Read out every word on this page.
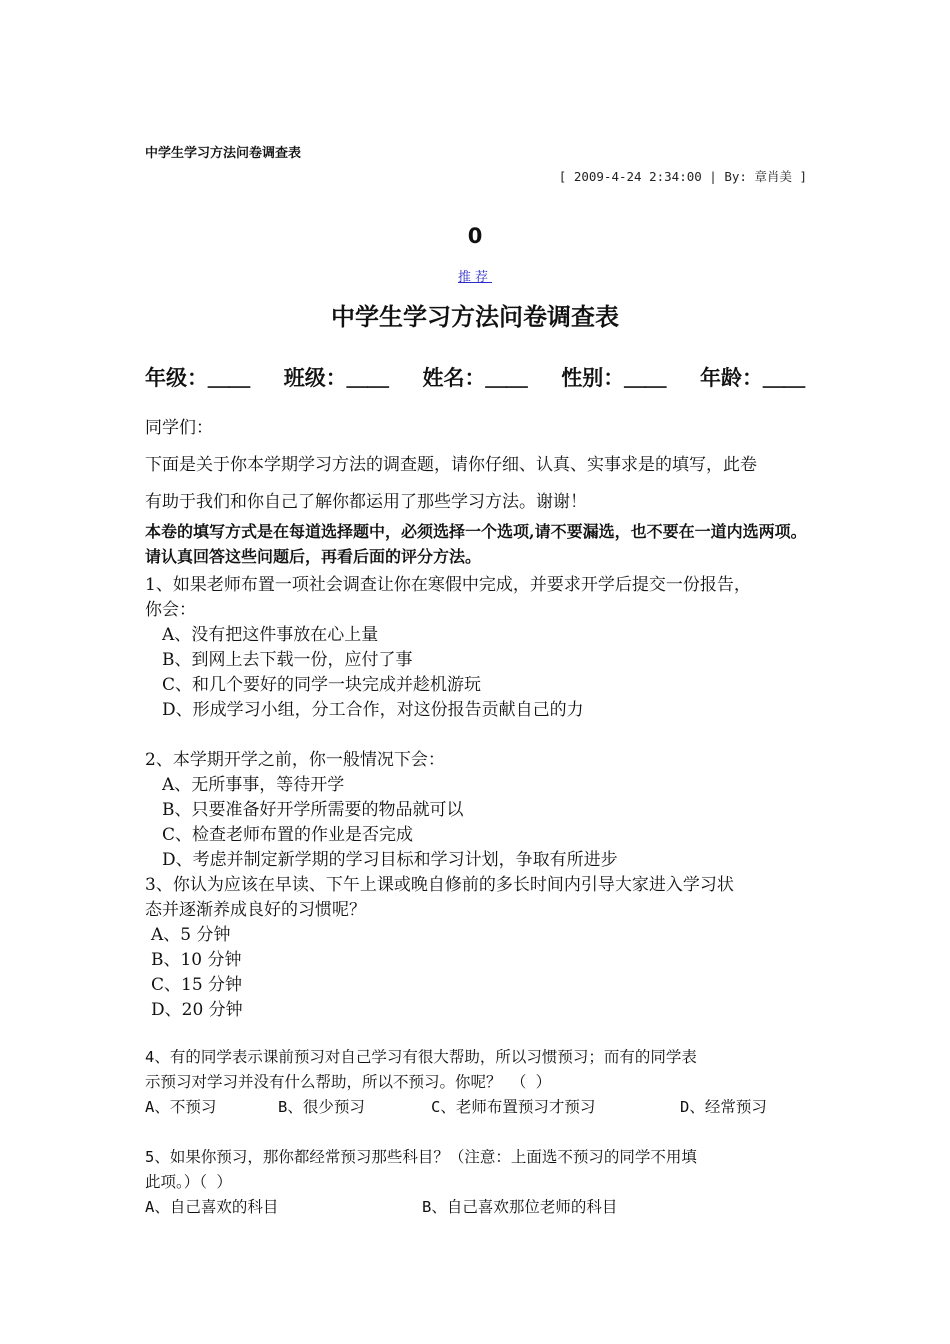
中学生学习方法问卷调查表
[ 2009-4-24 2:34:00 | By: 章肖美 ]
0
推荐
中学生学习方法问卷调查表
年级：＿＿ 班级：＿＿ 姓名：＿＿ 性别：＿＿ 年龄：＿＿
同学们：
下面是关于你本学期学习方法的调查题，请你仔细、认真、实事求是的填写，此卷
有助于我们和你自己了解你都运用了那些学习方法。谢谢！
本卷的填写方式是在每道选择题中，必须选择一个选项,请不要漏选，也不要在一道内选两项。请认真回答这些问题后，再看后面的评分方法。
1、如果老师布置一项社会调查让你在寒假中完成，并要求开学后提交一份报告，
你会：
A、没有把这件事放在心上量
B、到网上去下载一份，应付了事
C、和几个要好的同学一块完成并趁机游玩
D、形成学习小组，分工合作，对这份报告贡献自己的力
2、本学期开学之前，你一般情况下会：
A、无所事事，等待开学
B、只要准备好开学所需要的物品就可以
C、检查老师布置的作业是否完成
D、考虑并制定新学期的学习目标和学习计划，争取有所进步
3、你认为应该在早读、下午上课或晚自修前的多长时间内引导大家进入学习状
态并逐渐养成良好的习惯呢？
A、5 分钟
B、10 分钟
C、15 分钟
D、20 分钟
4、有的同学表示课前预习对自己学习有很大帮助，所以习惯预习；而有的同学表
示预习对学习并没有什么帮助，所以不预习。你呢？ （ ）
A、不预习	B、很少预习	C、老师布置预习才预习	D、经常预习
5、如果你预习，那你都经常预习那些科目？（注意：上面选不预习的同学不用填
此项。）（ ）
A、自己喜欢的科目	B、自己喜欢那位老师的科目
